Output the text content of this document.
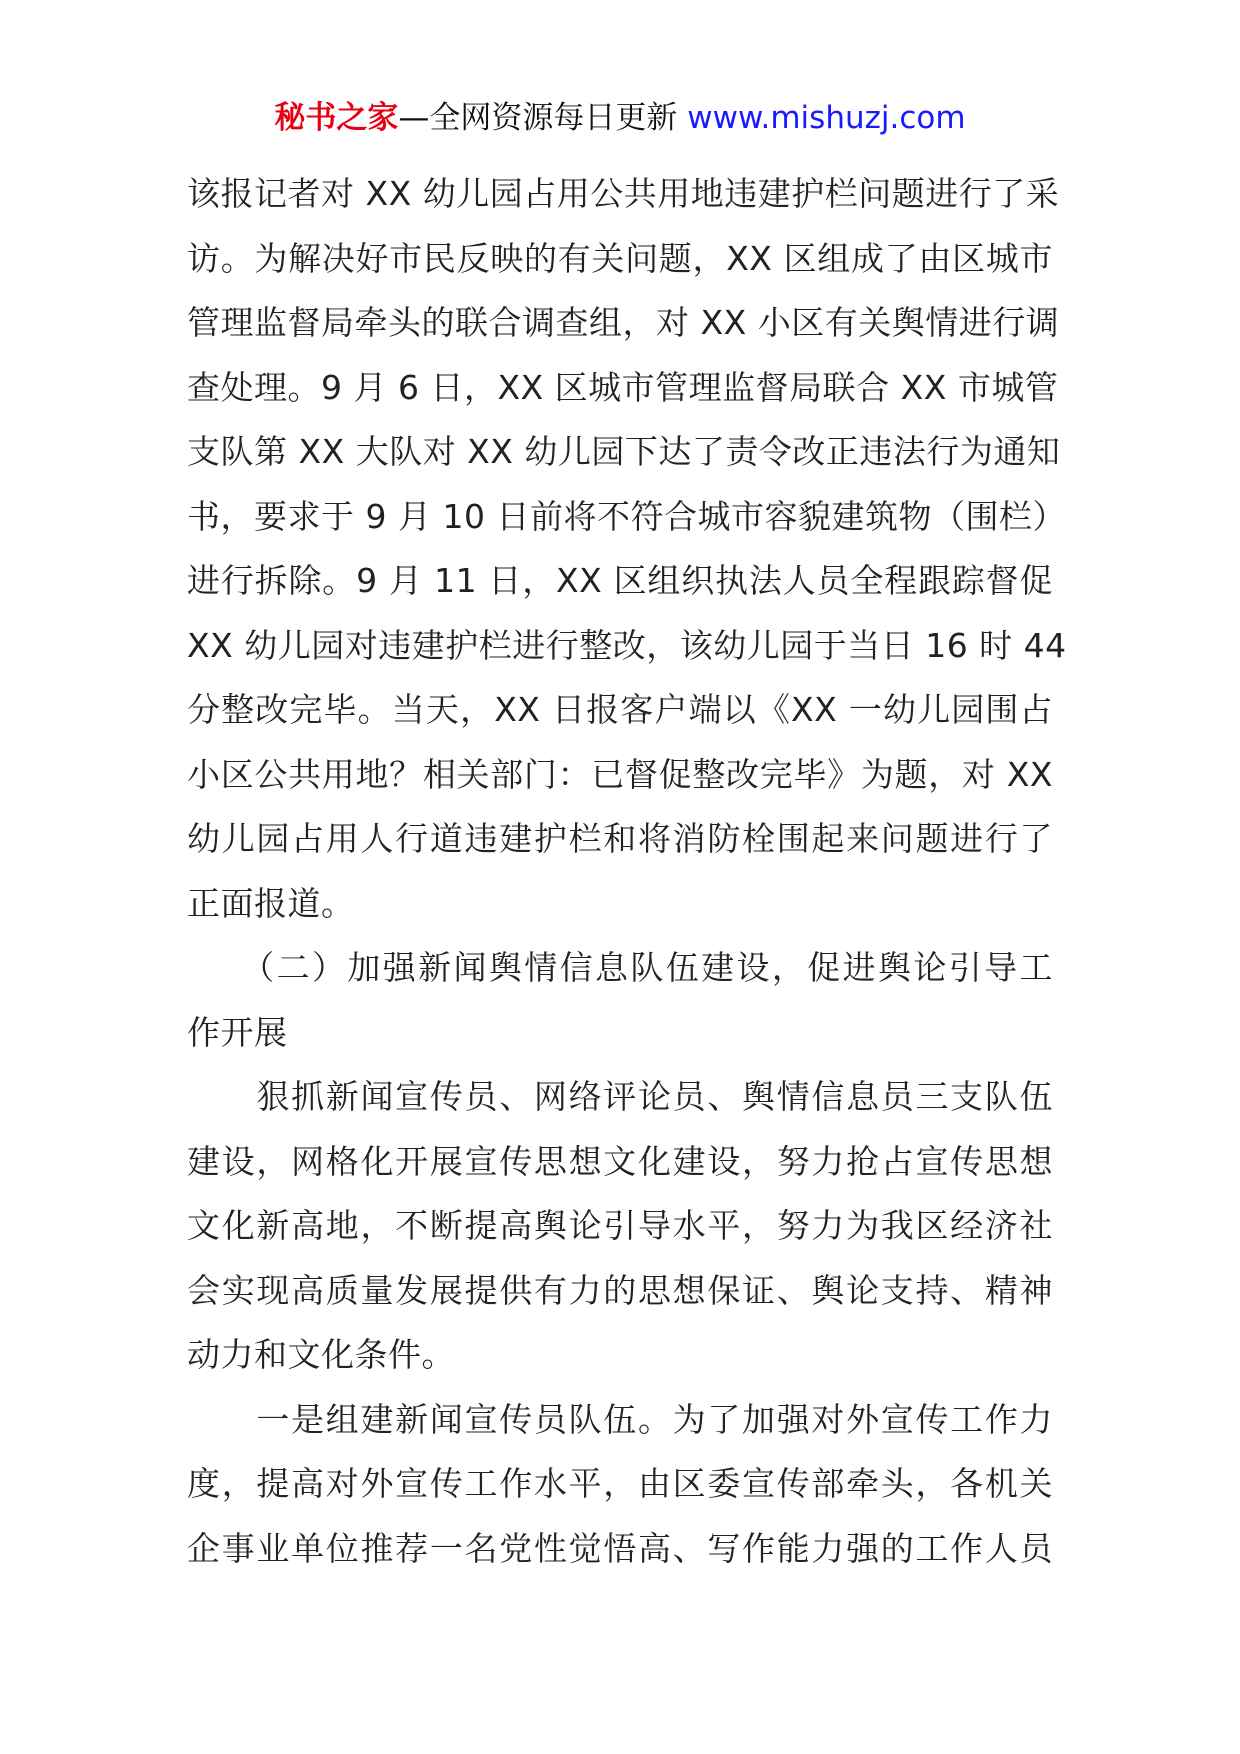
秘书之家—全网资源每日更新 www.mishuzj.com
该报记者对 XX 幼儿园占用公共用地违建护栏问题进行了采
访。为解决好市民反映的有关问题，XX 区组成了由区城市
管理监督局牵头的联合调查组，对 XX 小区有关舆情进行调
查处理。9 月 6 日，XX 区城市管理监督局联合 XX 市城管
支队第 XX 大队对 XX 幼儿园下达了责令改正违法行为通知
书，要求于 9 月 10 日前将不符合城市容貌建筑物（围栏）
进行拆除。9 月 11 日，XX 区组织执法人员全程跟踪督促
XX 幼儿园对违建护栏进行整改，该幼儿园于当日 16 时 44
分整改完毕。当天，XX 日报客户端以《XX 一幼儿园围占
小区公共用地？相关部门：已督促整改完毕》为题，对 XX
幼儿园占用人行道违建护栏和将消防栓围起来问题进行了
正面报道。
　　（二）加强新闻舆情信息队伍建设，促进舆论引导工
作开展
　　狠抓新闻宣传员、网络评论员、舆情信息员三支队伍
建设，网格化开展宣传思想文化建设，努力抢占宣传思想
文化新高地，不断提高舆论引导水平，努力为我区经济社
会实现高质量发展提供有力的思想保证、舆论支持、精神
动力和文化条件。
　　一是组建新闻宣传员队伍。为了加强对外宣传工作力
度，提高对外宣传工作水平，由区委宣传部牵头，各机关
企事业单位推荐一名党性觉悟高、写作能力强的工作人员
